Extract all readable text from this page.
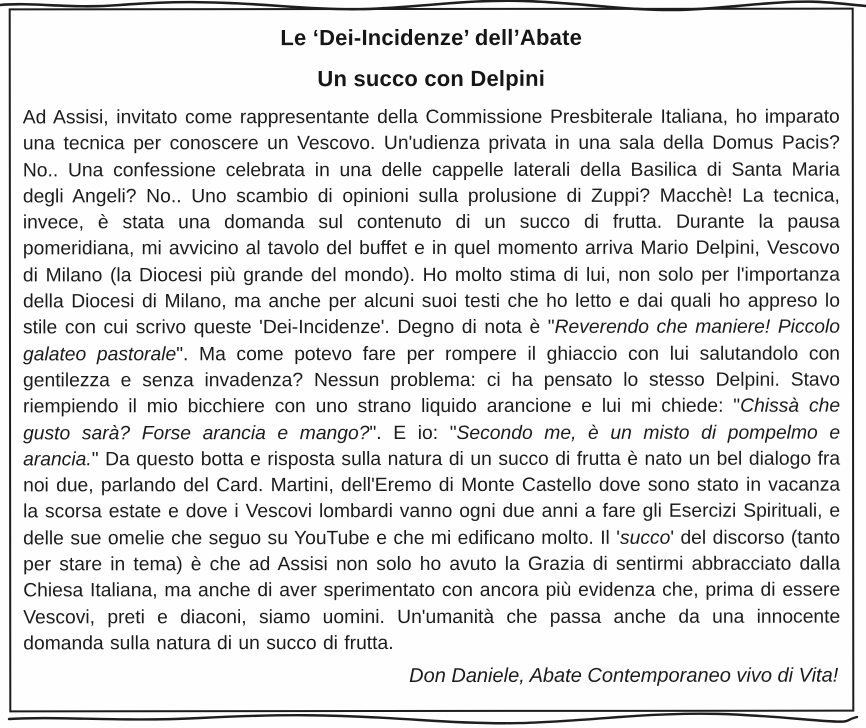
Le ‘Dei-Incidenze’ dell’Abate
Un succo con Delpini

Ad Assisi, invitato come rappresentante della Commissione Presbiterale Italiana, ho imparato una tecnica per conoscere un Vescovo. Un'udienza privata in una sala della Domus Pacis? No.. Una confessione celebrata in una delle cappelle laterali della Basilica di Santa Maria degli Angeli? No.. Uno scambio di opinioni sulla prolusione di Zuppi? Macchè! La tecnica, invece, è stata una domanda sul contenuto di un succo di frutta. Durante la pausa pomeridiana, mi avvicino al tavolo del buffet e in quel momento arriva Mario Delpini, Vescovo di Milano (la Diocesi più grande del mondo). Ho molto stima di lui, non solo per l'importanza della Diocesi di Milano, ma anche per alcuni suoi testi che ho letto e dai quali ho appreso lo stile con cui scrivo queste 'Dei-Incidenze'. Degno di nota è "Reverendo che maniere! Piccolo galateo pastorale". Ma come potevo fare per rompere il ghiaccio con lui salutandolo con gentilezza e senza invadenza? Nessun problema: ci ha pensato lo stesso Delpini. Stavo riempiendo il mio bicchiere con uno strano liquido arancione e lui mi chiede: "Chissà che gusto sarà? Forse arancia e mango?". E io: "Secondo me, è un misto di pompelmo e arancia." Da questo botta e risposta sulla natura di un succo di frutta è nato un bel dialogo fra noi due, parlando del Card. Martini, dell'Eremo di Monte Castello dove sono stato in vacanza la scorsa estate e dove i Vescovi lombardi vanno ogni due anni a fare gli Esercizi Spirituali, e delle sue omelie che seguo su YouTube e che mi edificano molto. Il 'succo' del discorso (tanto per stare in tema) è che ad Assisi non solo ho avuto la Grazia di sentirmi abbracciato dalla Chiesa Italiana, ma anche di aver sperimentato con ancora più evidenza che, prima di essere Vescovi, preti e diaconi, siamo uomini. Un'umanità che passa anche da una innocente domanda sulla natura di un succo di frutta.

Don Daniele, Abate Contemporaneo vivo di Vita!
